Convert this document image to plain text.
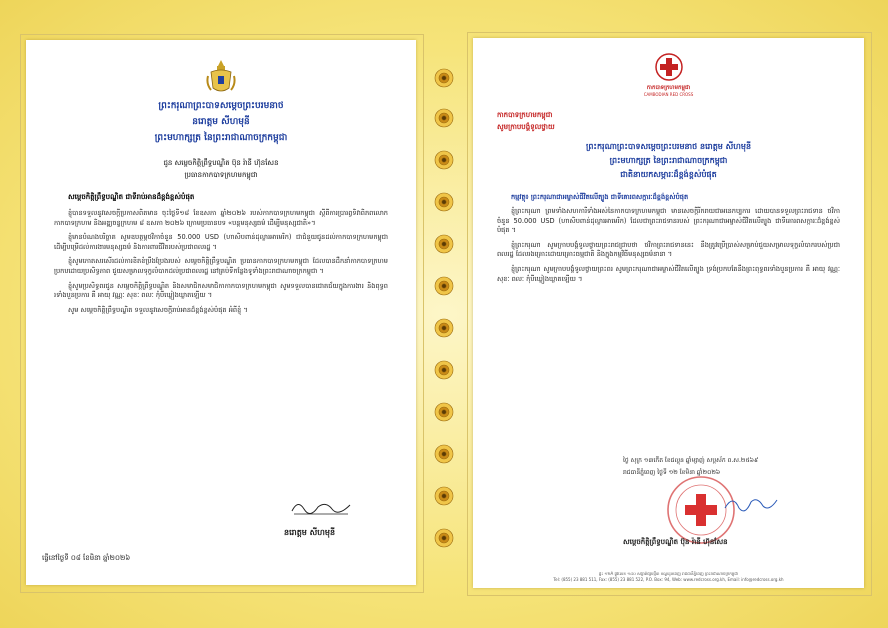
ព្រះករុណាព្រះបាទសម្តេចព្រះបរមនាថ
នរោត្តម សីហមុនី
ព្រះមហាក្សត្រ នៃព្រះរាជាណាចក្រកម្ពុជា
ជូន សម្តេចកិត្តិព្រឹទ្ធបណ្ឌិត ប៊ុន រ៉ានី ហ៊ុនសែន
ប្រធានកាកបាទក្រហមកម្ពុជា
សម្តេចកិត្តិព្រឹទ្ធបណ្ឌិត ជាទីរាប់អានដ៏ខ្ពង់ខ្ពស់បំផុត

ខ្ញុំបានទទួលនូវសេចក្តីប្រកាសពិតមាន ចុះថ្ងៃទី១៨ ខែឧសភា ឆ្នាំ២០២៦ របស់កាកបាទក្រហមកម្ពុជា ស្តីពីការប្រារព្ធទិវាពិភពលោកកាកបាទក្រហម និងអឌ្ឍចន្ទក្រហម ៨ ឧសភា ២០២៦ ក្រោមប្រធានបទ «បន្តមនុស្សធម៌ ដើម្បីមនុស្សជាតិ»។

ខ្ញុំមានបំណងបរិច្ចាគ សូមឧបត្ថម្ភថវិកាចំនួន 50.000 USD (ហាសិបពាន់ដុល្លារអាមេរិក) ជាជំនួយជូនដល់កាកបាទក្រហមកម្ពុជា ដើម្បីបម្រើដល់ការងារមនុស្សធម៌ និងការពារជីវិតរបស់ប្រជាពលរដ្ឋ ។

ខ្ញុំសូមកោតសរសើរដល់ការខិតខំប្រឹងប្រែងរបស់ សម្តេចកិត្តិព្រឹទ្ធបណ្ឌិត ប្រធានកាកបាទក្រហមកម្ពុជា ដែលបានដឹកនាំកាកបាទក្រហមប្រកបដោយប្រសិទ្ធភាព ជួយសម្រាលទុក្ខលំបាកដល់ប្រជាពលរដ្ឋ នៅគ្រប់ទីកន្លែងទូទាំងព្រះរាជាណាចក្រកម្ពុជា ។

ខ្ញុំសូមប្រសិទ្ធពរជូន សម្តេចកិត្តិព្រឹទ្ធបណ្ឌិត និងសមាជិកសមាជិកាកាកបាទក្រហមកម្ពុជា សូមទទួលបានជោគជ័យក្នុងការងារ និងពុទ្ធពរទាំងបួនប្រការ គឺ អាយុ វណ្ណៈ សុខៈ ពលៈ កុំបីឃ្លៀងឃ្លាតឡើយ ។

សូម សម្តេចកិត្តិព្រឹទ្ធបណ្ឌិត ទទួលនូវសេចក្តីរាប់អានដ៏ខ្ពង់ខ្ពស់បំផុត អំពីខ្ញុំ ។

នរោត្តម សីហមុនី
ធ្វើនៅថ្ងៃទី ០៨ ខែមិនា ឆ្នាំ២០២៦
កាកបាទក្រហមកម្ពុជា
CAMBODIAN RED CROSS
កាកបាទក្រហមកម្ពុជា
សូមក្រាបបង្គំទូលថ្វាយ
ព្រះករុណាព្រះបាទសម្តេចព្រះបរមនាថ នរោត្តម សីហមុនី
ព្រះមហាក្សត្រ នៃព្រះរាជាណាចក្រកម្ពុជា
ជាតិនាយកសម្ភារៈដ៏ខ្ពង់ខ្ពស់បំផុត
កម្មវត្ថុ៖ ព្រះករុណាជាអម្ចាស់ជីវិតលើត្បូង ជាទីគោរពសក្ការៈដ៏ខ្ពង់ខ្ពស់បំផុត

ខ្ញុំព្រះករុណា ព្រមទាំងសហការីទាំងអស់នៃកាកបាទក្រហមកម្ពុជា មានសេចក្តីរីករាយជាអនេកប្បការ ដោយបានទទួលព្រះរាជទាន ថវិកាចំនួន 50.000 USD (ហាសិបពាន់ដុល្លារអាមេរិក) ដែលជាព្រះរាជទានរបស់ ព្រះករុណាជាអម្ចាស់ជីវិតលើត្បូង ជាទីគោរពសក្ការៈដ៏ខ្ពង់ខ្ពស់បំផុត ។

ខ្ញុំព្រះករុណា សូមក្រាបបង្គំទូលថ្វាយព្រះរាជជ្រាបថា ថវិកាព្រះរាជទាននេះ នឹងត្រូវប្រើប្រាស់សម្រាប់ជួយសម្រាលទុក្ខលំបាករបស់ប្រជាពលរដ្ឋ ដែលរងគ្រោះដោយគ្រោះធម្មជាតិ និងក្នុងកម្មវិធីមនុស្សធម៌នានា ។

ខ្ញុំព្រះករុណា សូមក្រាបបង្គំទូលថ្វាយព្រះពរ សូមព្រះករុណាជាអម្ចាស់ជីវិតលើត្បូង ទ្រង់ប្រកបតែនឹងព្រះពុទ្ធពរទាំងបួនប្រការ គឺ អាយុ វណ្ណៈ សុខៈ ពលៈ កុំបីឃ្លៀងឃ្លាតឡើយ ។

ថ្ងៃ សុក្រ ១៣កើត ខែផល្គុន ឆ្នាំម្សាញ់ សប្តស័ក ព.ស.២៥៦៩
រាជធានីភ្នំពេញ ថ្ងៃទី ១២ ខែមិនា ឆ្នាំ២០២៦
សម្តេចកិត្តិព្រឹទ្ធបណ្ឌិត ប៊ុន រ៉ានី ហ៊ុនសែន
ផ្ទះ ១២A ផ្លូវលេខ ១៤០ សង្កាត់ផ្សារថ្មី៣ ខណ្ឌដូនពេញ រាជធានីភ្នំពេញ ព្រះរាជាណាចក្រកម្ពុជា
Tel: (855) 23 881 511, Fax: (855) 23 881 522, P.O. Box: 94, Web: www.redcross.org.kh, Email: info@redcross.org.kh
